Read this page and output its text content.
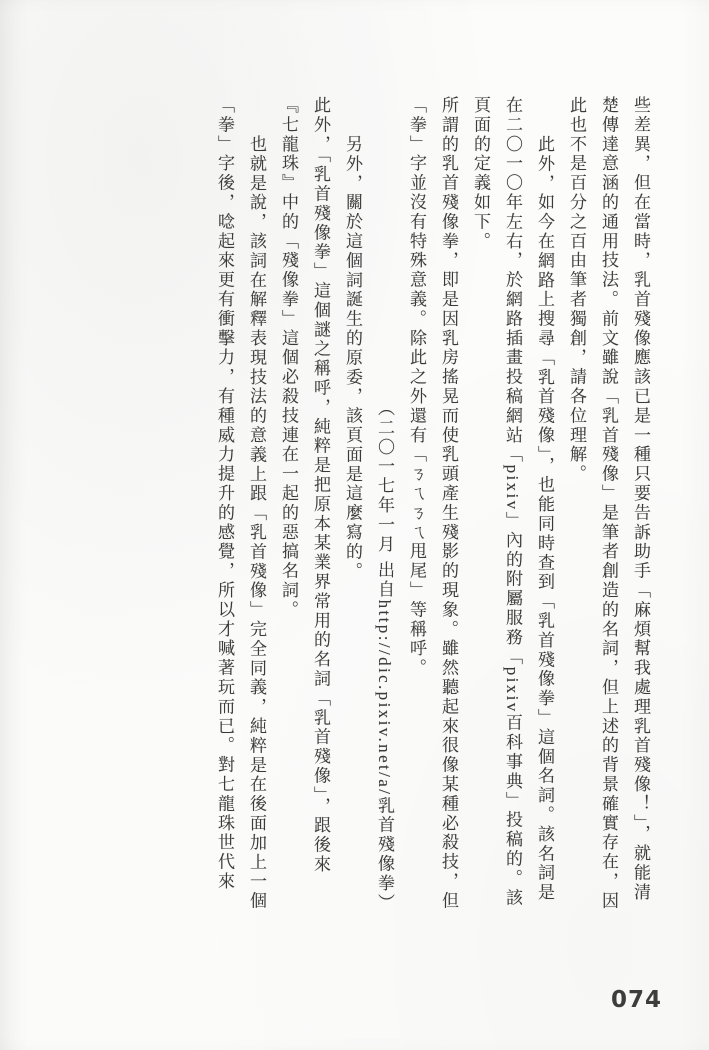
些差異，但在當時，乳首殘像應該已是一種只要告訴助手「麻煩幫我處理乳首殘像！」，就能清楚傳達意涵的通用技法。前文雖說「乳首殘像」是筆者創造的名詞，但上述的背景確實存在，因此也不是百分之百由筆者獨創，請各位理解。

此外，如今在網路上搜尋「乳首殘像」，也能同時查到「乳首殘像拳」這個名詞。該名詞是在二〇一〇年左右，於網路插畫投稿網站「pixiv」內的附屬服務「pixiv百科事典」投稿的。該頁面的定義如下。

所謂的乳首殘像拳，即是因乳房搖晃而使乳頭產生殘影的現象。雖然聽起來很像某種必殺技，但「拳」字並沒有特殊意義。除此之外還有「ㄋㄟㄋㄟ甩尾」等稱呼。

（二〇一七年一月 出自http://dic.pixiv.net/a/乳首殘像拳）

另外，關於這個詞誕生的原委，該頁面是這麼寫的。

此外，「乳首殘像拳」這個謎之稱呼，純粹是把原本某業界常用的名詞「乳首殘像」，跟後來『七龍珠』中的「殘像拳」這個必殺技連在一起的惡搞名詞。

也就是說，該詞在解釋表現技法的意義上跟「乳首殘像」完全同義，純粹是在後面加上一個「拳」字後，唸起來更有衝擊力，有種威力提升的感覺，所以才喊著玩而已。對七龍珠世代來

074
